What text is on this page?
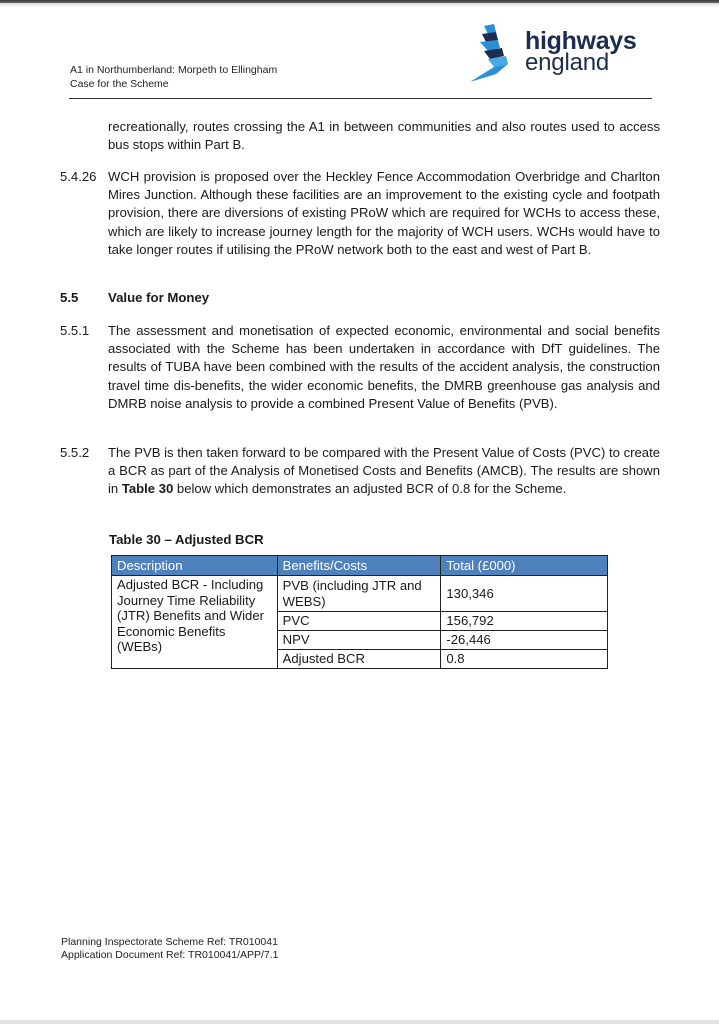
A1 in Northumberland: Morpeth to Ellingham
Case for the Scheme
highways
england
recreationally, routes crossing the A1 in between communities and also routes used to access bus stops within Part B.
5.4.26 WCH provision is proposed over the Heckley Fence Accommodation Overbridge and Charlton Mires Junction. Although these facilities are an improvement to the existing cycle and footpath provision, there are diversions of existing PRoW which are required for WCHs to access these, which are likely to increase journey length for the majority of WCH users. WCHs would have to take longer routes if utilising the PRoW network both to the east and west of Part B.
5.5 Value for Money
5.5.1 The assessment and monetisation of expected economic, environmental and social benefits associated with the Scheme has been undertaken in accordance with DfT guidelines. The results of TUBA have been combined with the results of the accident analysis, the construction travel time dis-benefits, the wider economic benefits, the DMRB greenhouse gas analysis and DMRB noise analysis to provide a combined Present Value of Benefits (PVB).
5.5.2 The PVB is then taken forward to be compared with the Present Value of Costs (PVC) to create a BCR as part of the Analysis of Monetised Costs and Benefits (AMCB). The results are shown in Table 30 below which demonstrates an adjusted BCR of 0.8 for the Scheme.
Table 30 – Adjusted BCR
Description	Benefits/Costs	Total (£000)
Adjusted BCR - Including Journey Time Reliability (JTR) Benefits and Wider Economic Benefits (WEBs)	PVB (including JTR and WEBS)	130,346
	PVC	156,792
	NPV	-26,446
	Adjusted BCR	0.8
Planning Inspectorate Scheme Ref: TR010041
Application Document Ref: TR010041/APP/7.1
